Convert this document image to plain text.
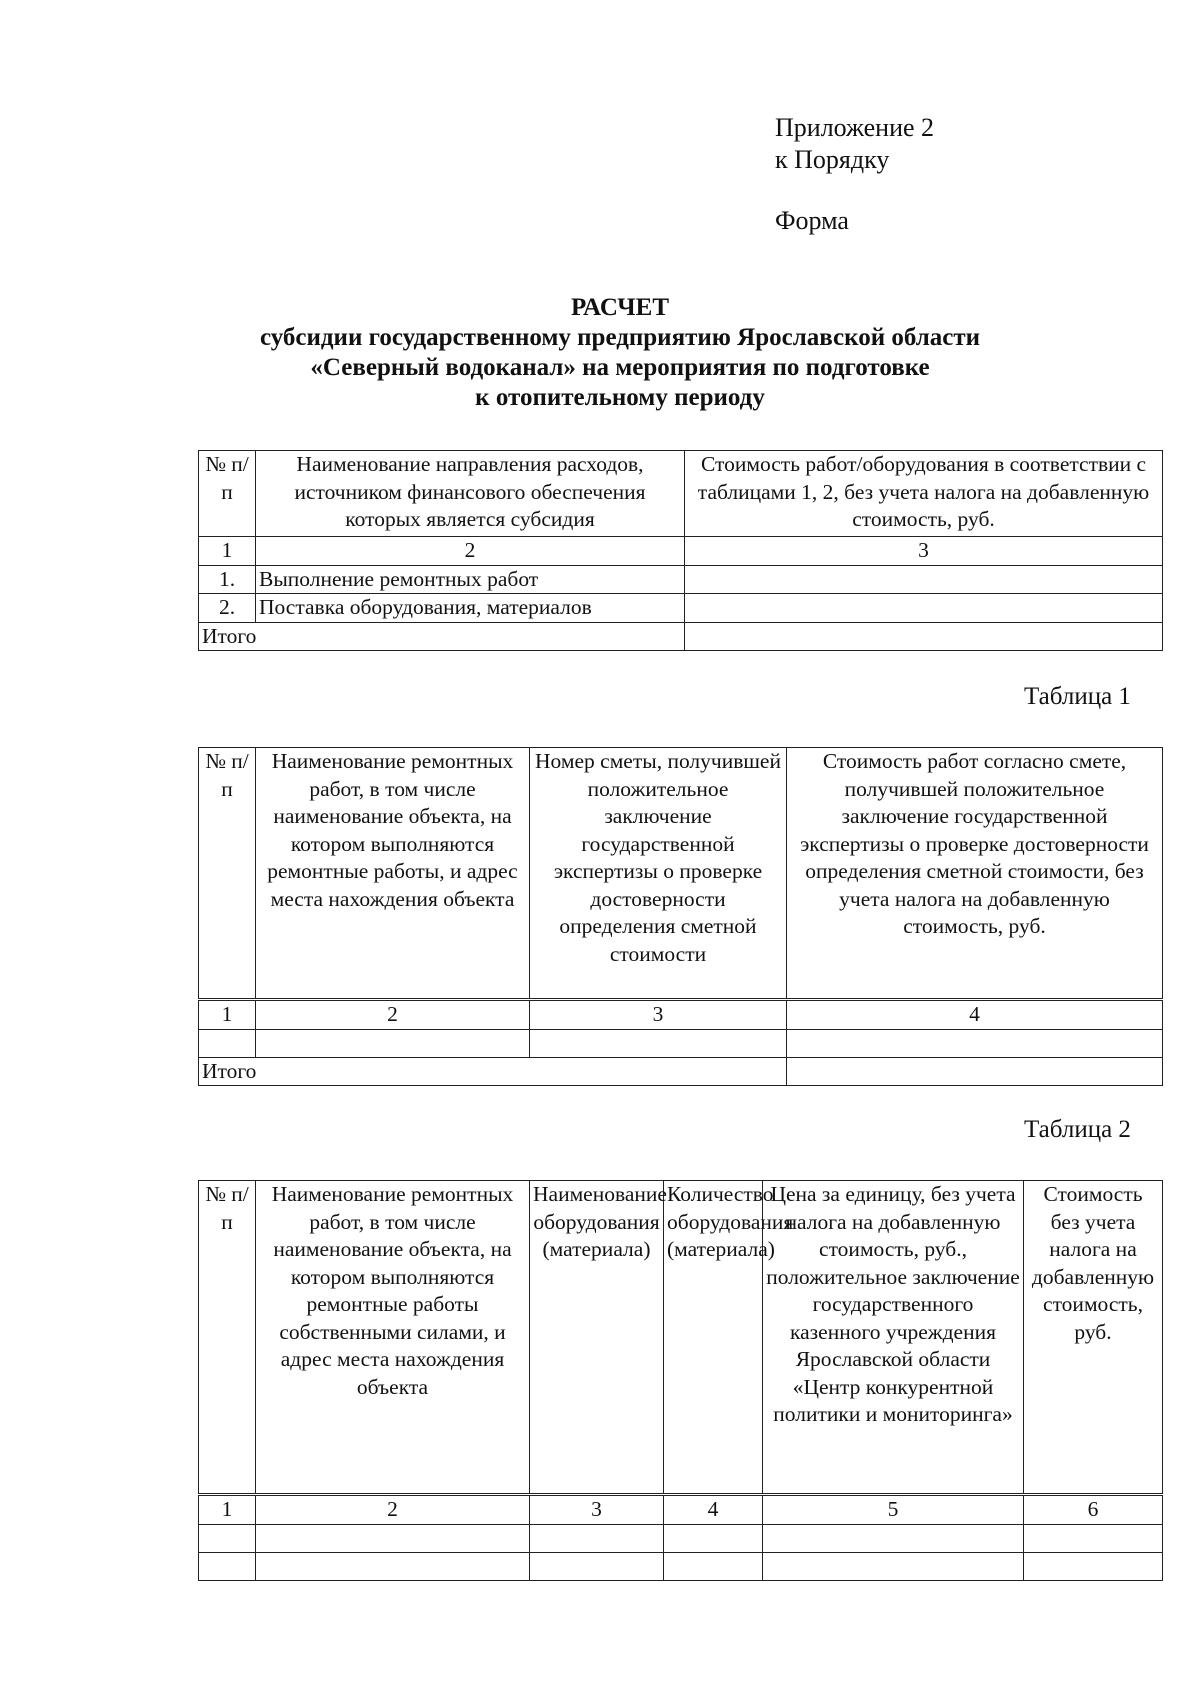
Приложение 2
к Порядку
Форма
РАСЧЕТ
субсидии государственному предприятию Ярославской области
«Северный водоканал» на мероприятия по подготовке
к отопительному периоду
№ п/п	Наименование направления расходов, источником финансового обеспечения которых является субсидия	Стоимость работ/оборудования в соответствии с таблицами 1, 2, без учета налога на добавленную стоимость, руб.
1	2	3
1.	Выполнение ремонтных работ	
2.	Поставка оборудования, материалов	
Итого		
Таблица 1
№ п/п	Наименование ремонтных работ, в том числе наименование объекта, на котором выполняются ремонтные работы, и адрес места нахождения объекта	Номер сметы, получившей положительное заключение государственной экспертизы о проверке достоверности определения сметной стоимости	Стоимость работ согласно смете, получившей положительное заключение государственной экспертизы о проверке достоверности определения сметной стоимости, без учета налога на добавленную стоимость, руб.
1	2	3	4

Итого			
Таблица 2
№ п/п	Наименование ремонтных работ, в том числе наименование объекта, на котором выполняются ремонтные работы собственными силами, и адрес места нахождения объекта	Наименование оборудования (материала)	Количество оборудования (материала)	Цена за единицу, без учета налога на добавленную стоимость, руб., положительное заключение государственного казенного учреждения Ярославской области «Центр конкурентной политики и мониторинга»	Стоимость без учета налога на добавленную стоимость, руб.
1	2	3	4	5	6
